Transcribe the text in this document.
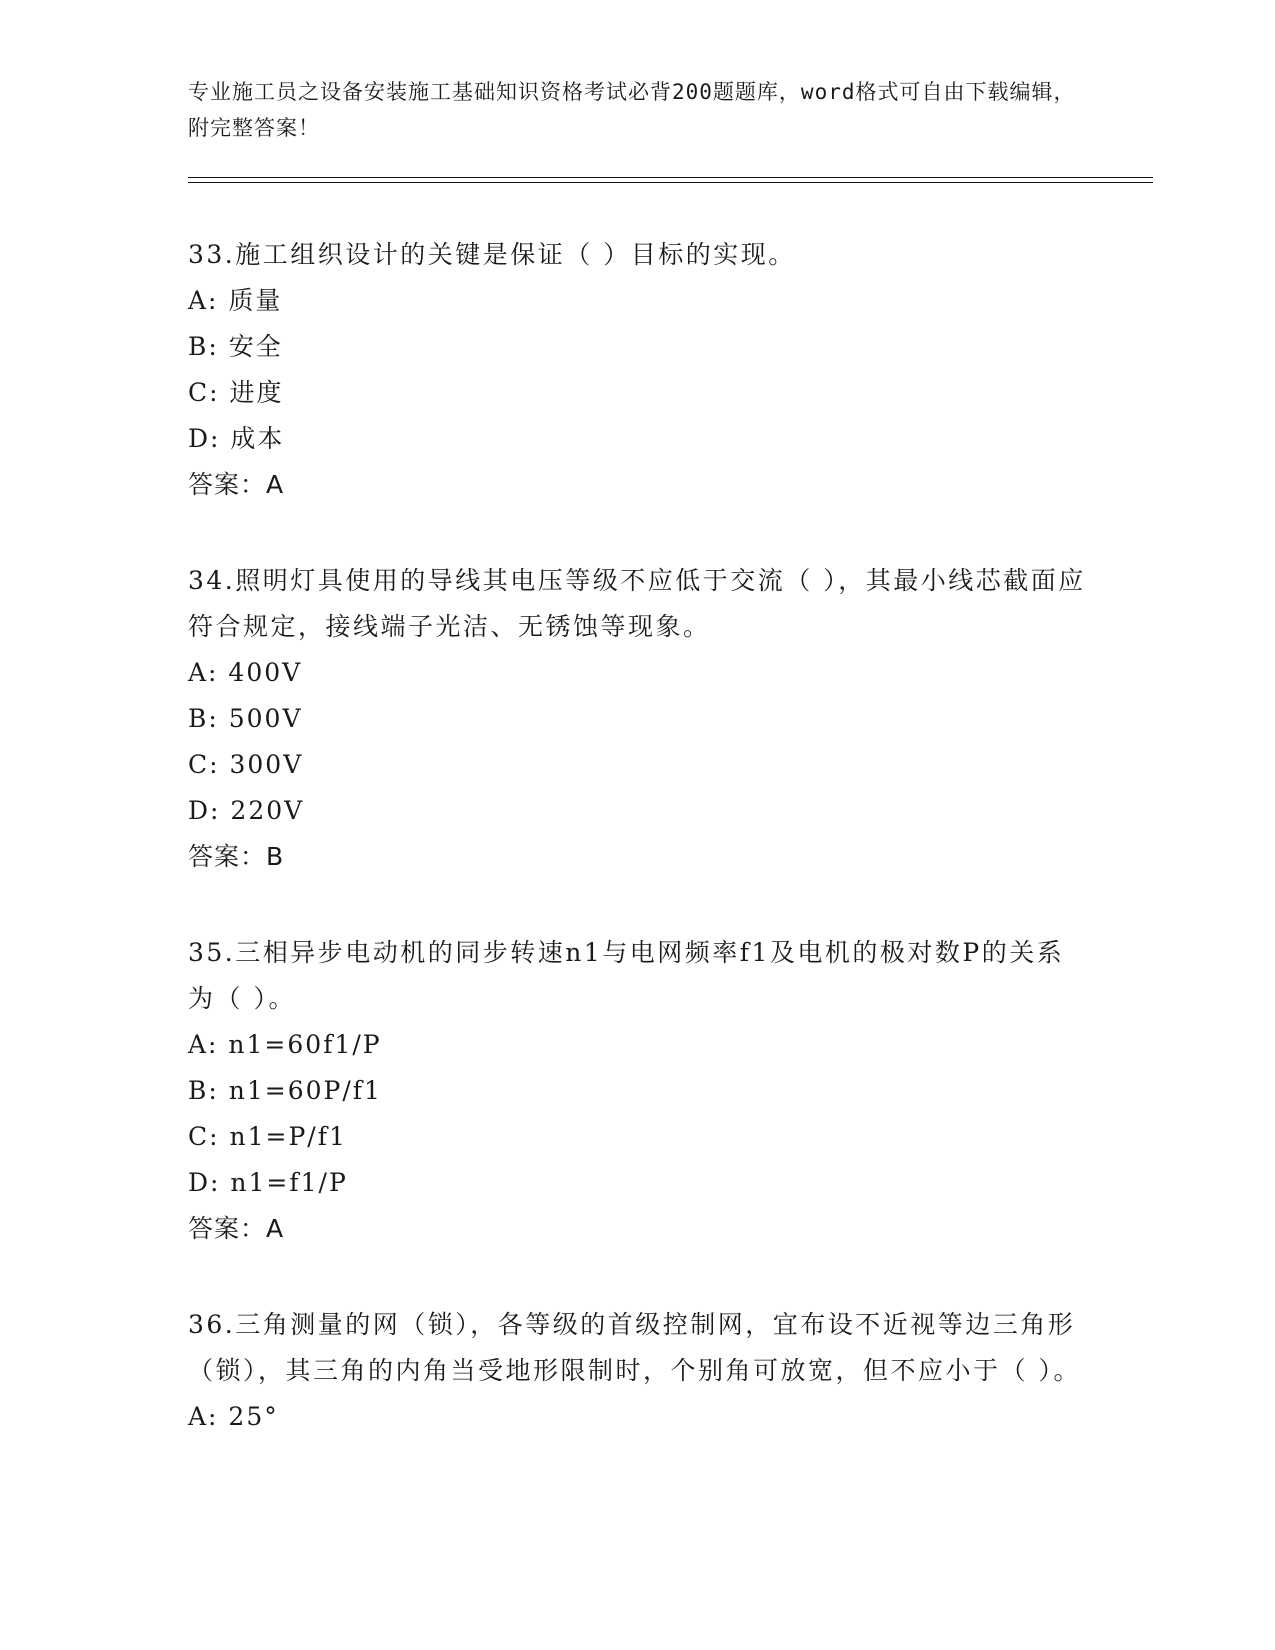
专业施工员之设备安装施工基础知识资格考试必背200题题库，word格式可自由下载编辑，附完整答案！
33.施工组织设计的关键是保证（ ）目标的实现。
A: 质量
B: 安全
C: 进度
D: 成本
答案：A
34.照明灯具使用的导线其电压等级不应低于交流（ ），其最小线芯截面应符合规定，接线端子光洁、无锈蚀等现象。
A: 400V
B: 500V
C: 300V
D: 220V
答案：B
35.三相异步电动机的同步转速n1与电网频率f1及电机的极对数P的关系为（ ）。
A: n1=60f1/P
B: n1=60P/f1
C: n1=P/f1
D: n1=f1/P
答案：A
36.三角测量的网（锁），各等级的首级控制网，宜布设不近视等边三角形（锁），其三角的内角当受地形限制时，个别角可放宽，但不应小于（ ）。
A: 25°
